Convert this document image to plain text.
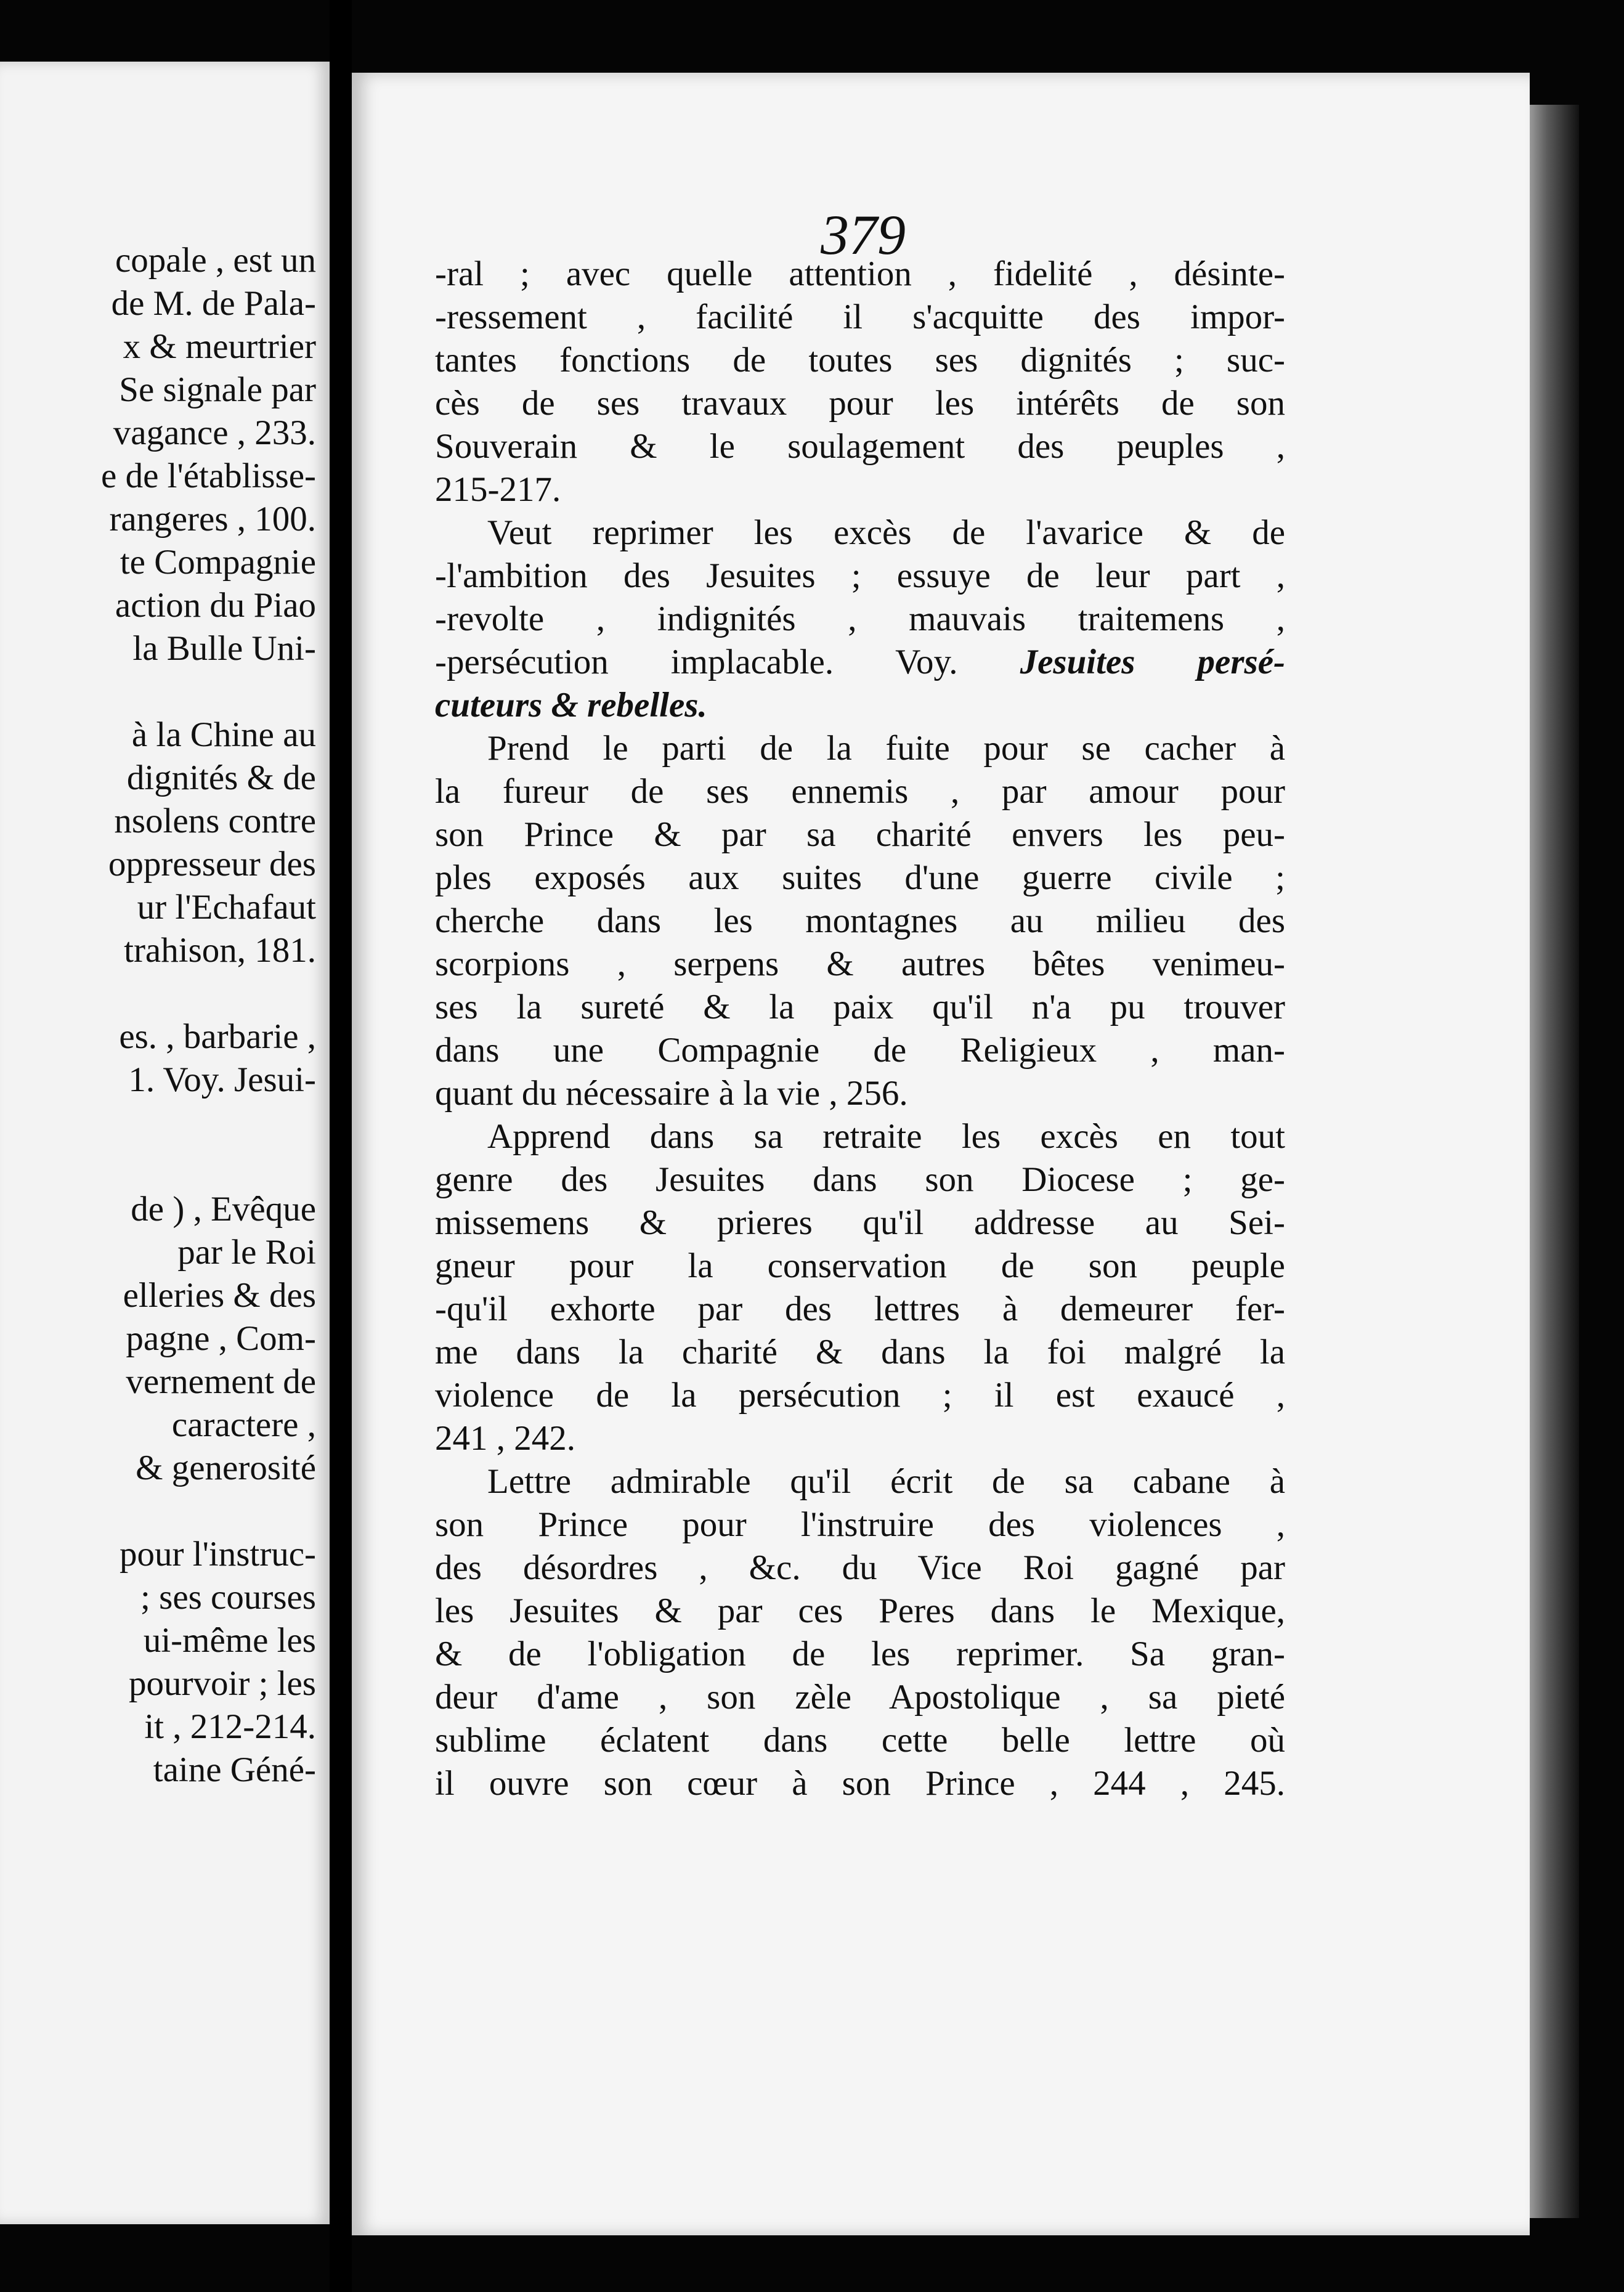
copale , est un
de M. de Pala-
x & meurtrier
Se signale par
vagance , 233.
e de l'établisse-
rangeres , 100.
te Compagnie
action du Piao
la Bulle Uni-
à la Chine au
dignités & de
nsolens contre
oppresseur des
ur l'Echafaut
trahison, 181.
es. , barbarie ,
1. Voy. Jesui-
de ) , Evêque
par le Roi
elleries & des
pagne , Com-
vernement de
caractere ,
& generosité
pour l'instruc-
; ses courses
ui-même les
pourvoir ; les
it , 212-214.
taine Géné-
379
-ral ; avec quelle attention , fidelité , désinte-
-ressement , facilité il s'acquitte des impor-
tantes fonctions de toutes ses dignités ; suc-
cès de ses travaux pour les intérêts de son
Souverain & le soulagement des peuples ,
215-217.
Veut reprimer les excès de l'avarice & de
-l'ambition des Jesuites ; essuye de leur part ,
-revolte , indignités , mauvais traitemens ,
-persécution implacable. Voy. Jesuites persé-
cuteurs & rebelles.
Prend le parti de la fuite pour se cacher à
la fureur de ses ennemis , par amour pour
son Prince & par sa charité envers les peu-
ples exposés aux suites d'une guerre civile ;
cherche dans les montagnes au milieu des
scorpions , serpens & autres bêtes venimeu-
ses la sureté & la paix qu'il n'a pu trouver
dans une Compagnie de Religieux , man-
quant du nécessaire à la vie , 256.
Apprend dans sa retraite les excès en tout
genre des Jesuites dans son Diocese ; ge-
missemens & prieres qu'il addresse au Sei-
gneur pour la conservation de son peuple
-qu'il exhorte par des lettres à demeurer fer-
me dans la charité & dans la foi malgré la
violence de la persécution ; il est exaucé ,
241 , 242.
Lettre admirable qu'il écrit de sa cabane à
son Prince pour l'instruire des violences ,
des désordres , &c. du Vice Roi gagné par
les Jesuites & par ces Peres dans le Mexique,
& de l'obligation de les reprimer. Sa gran-
deur d'ame , son zèle Apostolique , sa pieté
sublime éclatent dans cette belle lettre où
il ouvre son cœur à son Prince , 244 , 245.
